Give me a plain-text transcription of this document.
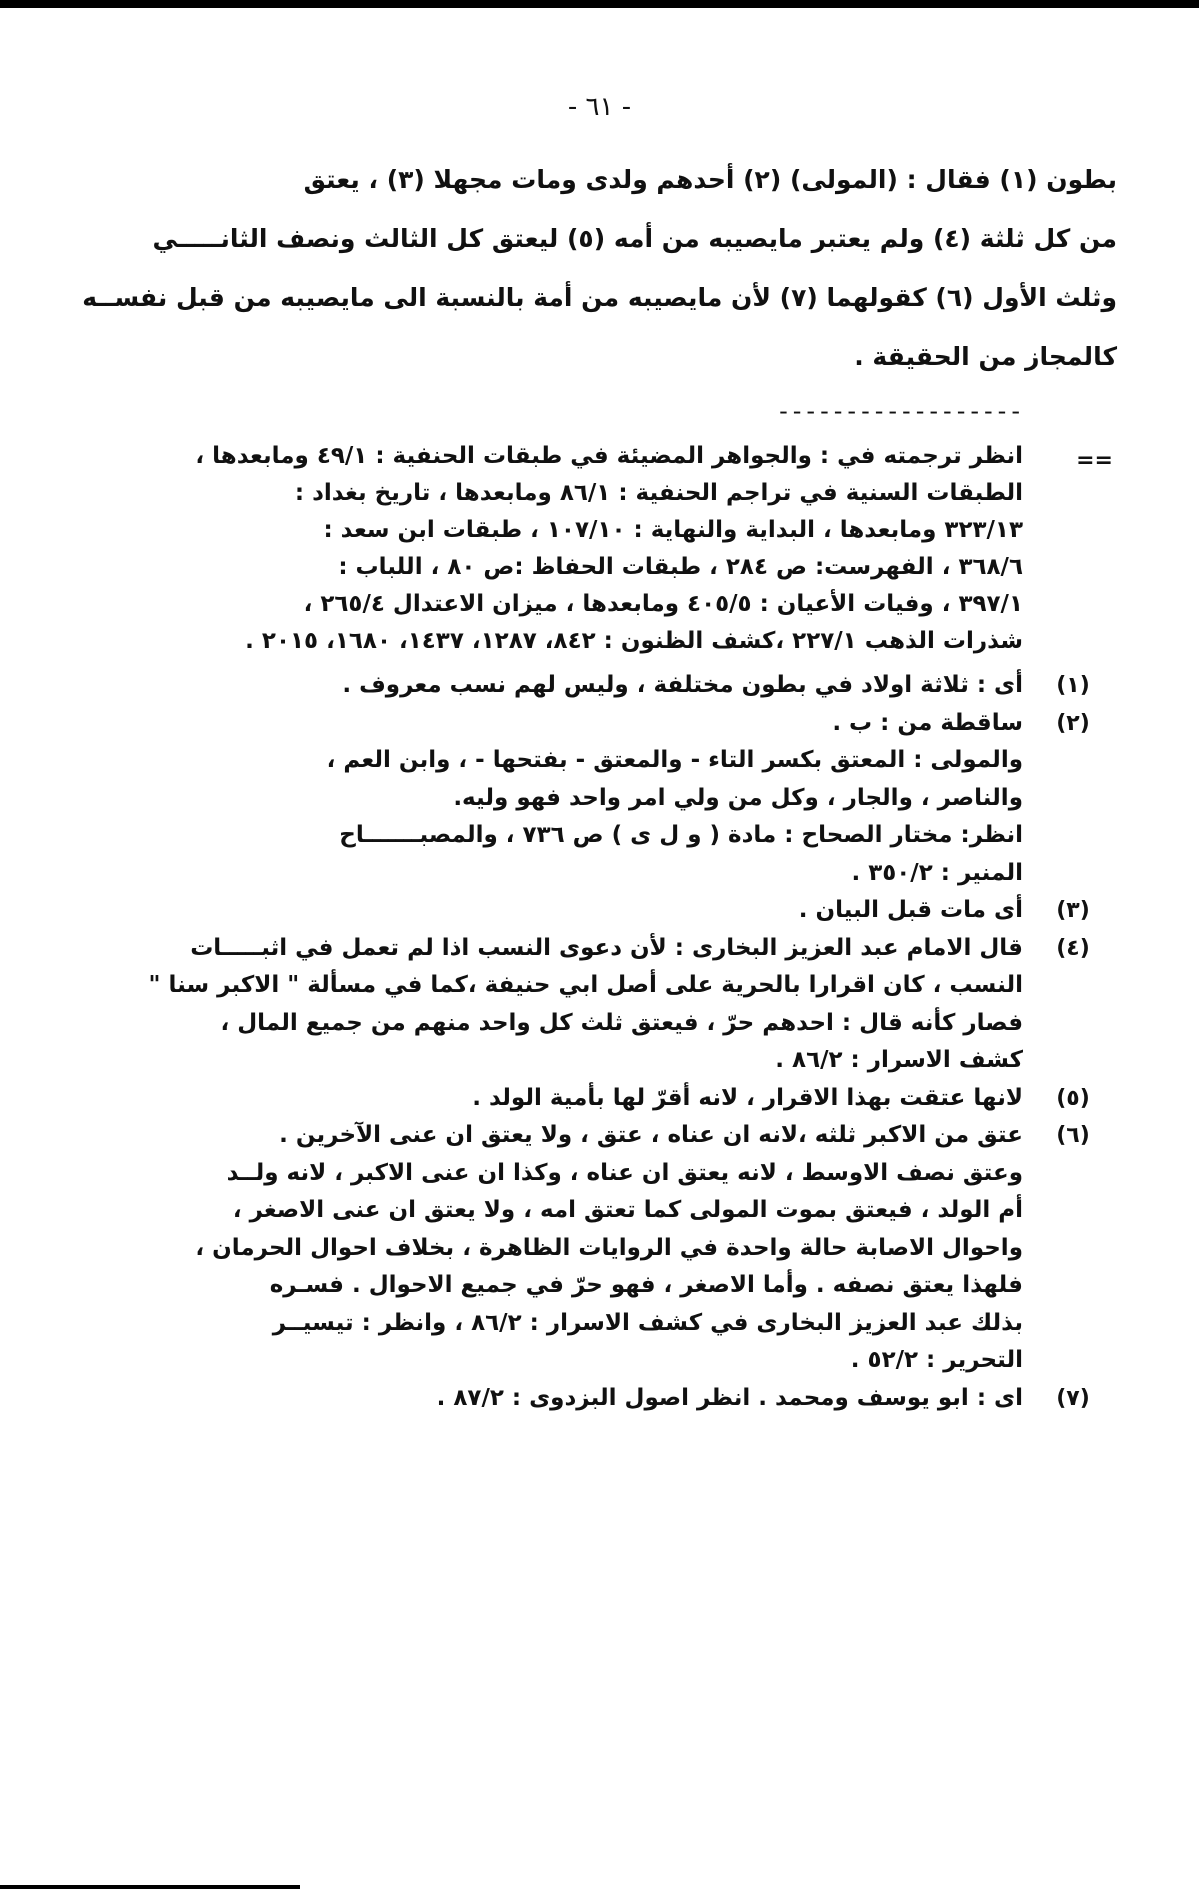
- ٦١ -
بطون (١) فقال : (المولى) (٢) أحدهم ولدى ومات مجهلا (٣) ، يعتق
من كل ثلثة (٤) ولم يعتبر مايصيبه من أمه (٥) ليعتق كل الثالث ونصف الثانـــــي
وثلث الأول (٦) كقولهما (٧) لأن مايصيبه من أمة بالنسبة الى مايصيبه من قبل نفســه
كالمجاز من الحقيقة .
------------------
==
انظر ترجمته في : والجواهر المضيئة في طبقات الحنفية : ٤٩/١ ومابعدها ،
الطبقات السنية في تراجم الحنفية : ٨٦/١ ومابعدها ، تاريخ بغداد :
٣٢٣/١٣ ومابعدها ، البداية والنهاية : ١٠٧/١٠ ، طبقات ابن سعد :
٣٦٨/٦ ، الفهرست: ص ٢٨٤ ، طبقات الحفاظ :ص ٨٠ ، اللباب :
٣٩٧/١ ، وفيات الأعيان : ٤٠٥/٥ ومابعدها ، ميزان الاعتدال ٢٦٥/٤ ،
شذرات الذهب ٢٢٧/١ ،كشف الظنون : ٨٤٢، ١٢٨٧، ١٤٣٧، ١٦٨٠، ٢٠١٥ .
(١)
أى : ثلاثة اولاد في بطون مختلفة ، وليس لهم نسب معروف .
(٢)
ساقطة من : ب .
والمولى : المعتق بكسر التاء - والمعتق - بفتحها - ، وابن العم ،
والناصر ، والجار ، وكل من ولي امر واحد فهو وليه.
انظر: مختار الصحاح : مادة ( و ل ى ) ص ٧٣٦ ، والمصبـــــــاح
المنير : ٣٥٠/٢ .
(٣)
أى مات قبل البيان .
(٤)
قال الامام عبد العزيز البخارى : لأن دعوى النسب اذا لم تعمل في اثبـــــات
النسب ، كان اقرارا بالحرية على أصل ابي حنيفة ،كما في مسألة " الاكبر سنا "
فصار كأنه قال : احدهم حرّ ، فيعتق ثلث كل واحد منهم من جميع المال ،
كشف الاسرار : ٨٦/٢ .
(٥)
لانها عتقت بهذا الاقرار ، لانه أقرّ لها بأمية الولد .
(٦)
عتق من الاكبر ثلثه ،لانه ان عناه ، عتق ، ولا يعتق ان عنى الآخرين .
وعتق نصف الاوسط ، لانه يعتق ان عناه ، وكذا ان عنى الاكبر ، لانه ولــد
أم الولد ، فيعتق بموت المولى كما تعتق امه ، ولا يعتق ان عنى الاصغر ،
واحوال الاصابة حالة واحدة في الروايات الظاهرة ، بخلاف احوال الحرمان ،
فلهذا يعتق نصفه . وأما الاصغر ، فهو حرّ في جميع الاحوال . فسـره
بذلك عبد العزيز البخارى في كشف الاسرار : ٨٦/٢ ، وانظر : تيسيــر
التحرير : ٥٢/٢ .
(٧)
اى : ابو يوسف ومحمد . انظر اصول البزدوى : ٨٧/٢ .
